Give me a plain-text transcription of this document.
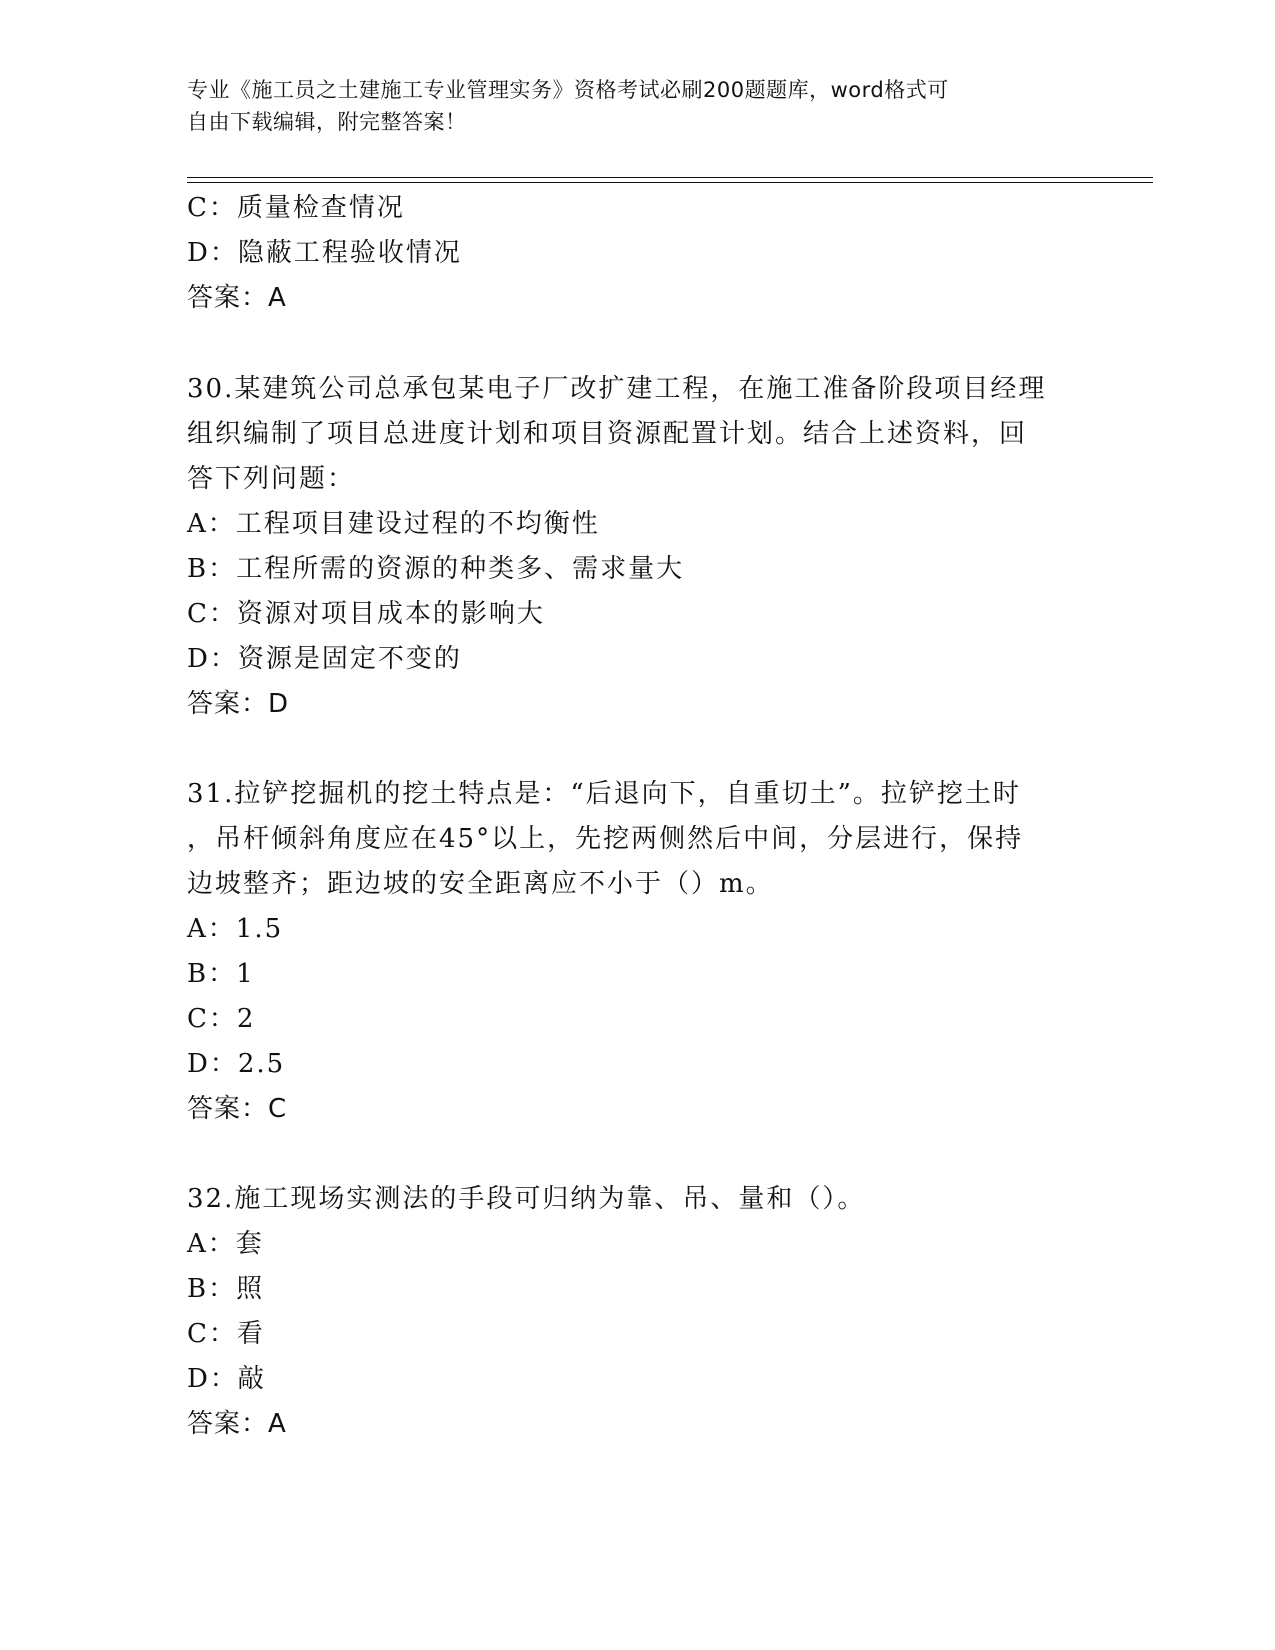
专业《施工员之土建施工专业管理实务》资格考试必刷200题题库，word格式可
自由下载编辑，附完整答案！
C：质量检查情况
D：隐蔽工程验收情况
答案：A
30.某建筑公司总承包某电子厂改扩建工程，在施工准备阶段项目经理
组织编制了项目总进度计划和项目资源配置计划。结合上述资料，回
答下列问题：
A：工程项目建设过程的不均衡性
B：工程所需的资源的种类多、需求量大
C：资源对项目成本的影响大
D：资源是固定不变的
答案：D
31.拉铲挖掘机的挖土特点是：“后退向下，自重切土”。拉铲挖土时
，吊杆倾斜角度应在45°以上，先挖两侧然后中间，分层进行，保持
边坡整齐；距边坡的安全距离应不小于（）m。
A：1.5
B：1
C：2
D：2.5
答案：C
32.施工现场实测法的手段可归纳为靠、吊、量和（）。
A：套
B：照
C：看
D：敲
答案：A
